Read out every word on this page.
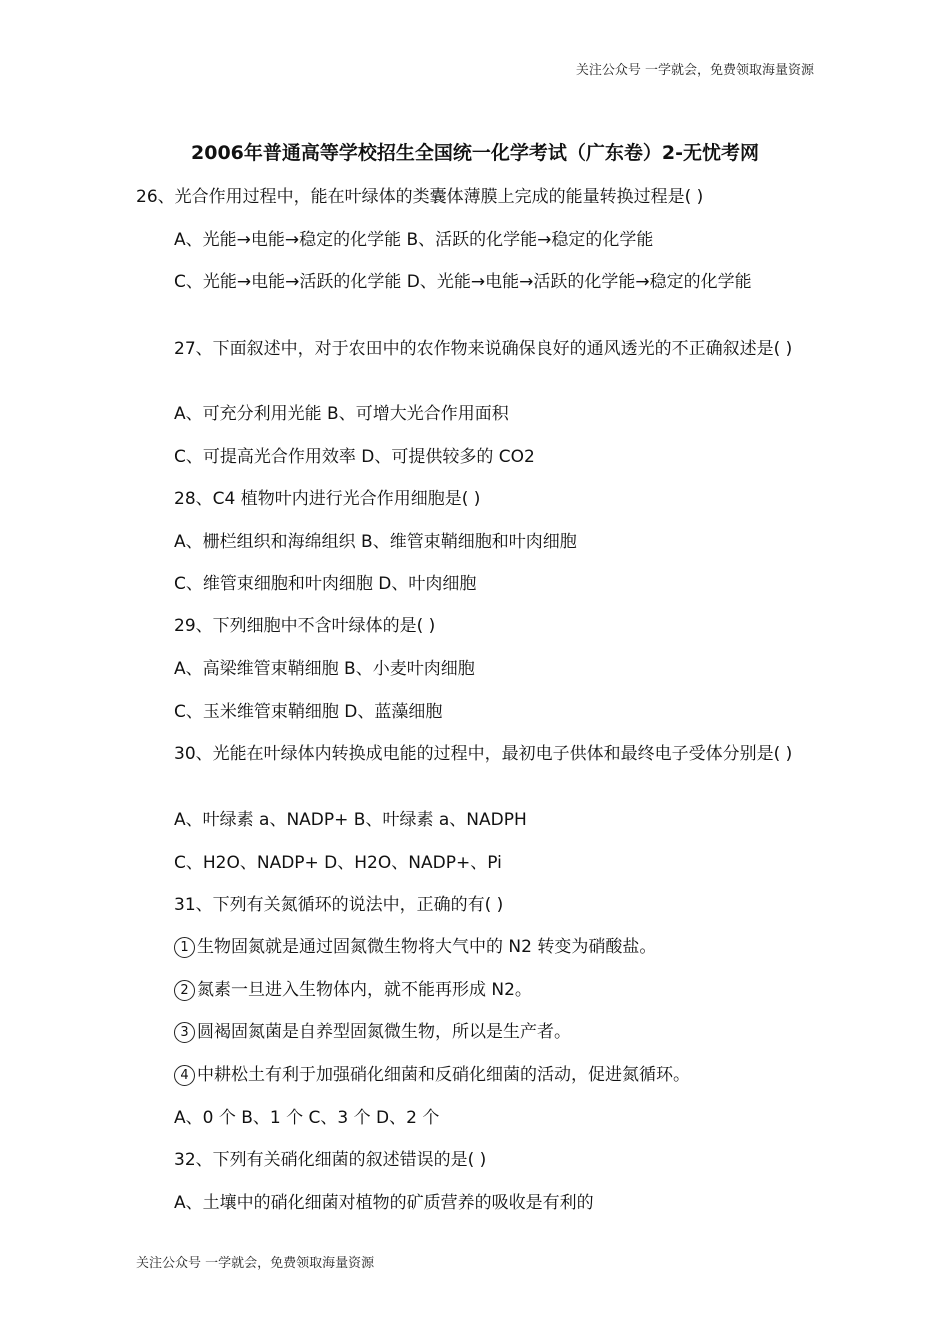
关注公众号 一学就会，免费领取海量资源
2006年普通高等学校招生全国统一化学考试（广东卷）2-无忧考网
26、光合作用过程中，能在叶绿体的类囊体薄膜上完成的能量转换过程是( )
A、光能→电能→稳定的化学能 B、活跃的化学能→稳定的化学能
C、光能→电能→活跃的化学能 D、光能→电能→活跃的化学能→稳定的化学能
27、下面叙述中，对于农田中的农作物来说确保良好的通风透光的不正确叙述是( )
A、可充分利用光能 B、可增大光合作用面积
C、可提高光合作用效率 D、可提供较多的 CO2
28、C4 植物叶内进行光合作用细胞是( )
A、栅栏组织和海绵组织 B、维管束鞘细胞和叶肉细胞
C、维管束细胞和叶肉细胞 D、叶肉细胞
29、下列细胞中不含叶绿体的是( )
A、高梁维管束鞘细胞 B、小麦叶肉细胞
C、玉米维管束鞘细胞 D、蓝藻细胞
30、光能在叶绿体内转换成电能的过程中，最初电子供体和最终电子受体分别是( )
A、叶绿素 a、NADP+ B、叶绿素 a、NADPH
C、H2O、NADP+ D、H2O、NADP+、Pi
31、下列有关氮循环的说法中，正确的有( )
1 生物固氮就是通过固氮微生物将大气中的 N2 转变为硝酸盐。
2 氮素一旦进入生物体内，就不能再形成 N2。
3 圆褐固氮菌是自养型固氮微生物，所以是生产者。
4 中耕松土有利于加强硝化细菌和反硝化细菌的活动，促进氮循环。
A、0 个 B、1 个 C、3 个 D、2 个
32、下列有关硝化细菌的叙述错误的是( )
A、土壤中的硝化细菌对植物的矿质营养的吸收是有利的
关注公众号 一学就会，免费领取海量资源
